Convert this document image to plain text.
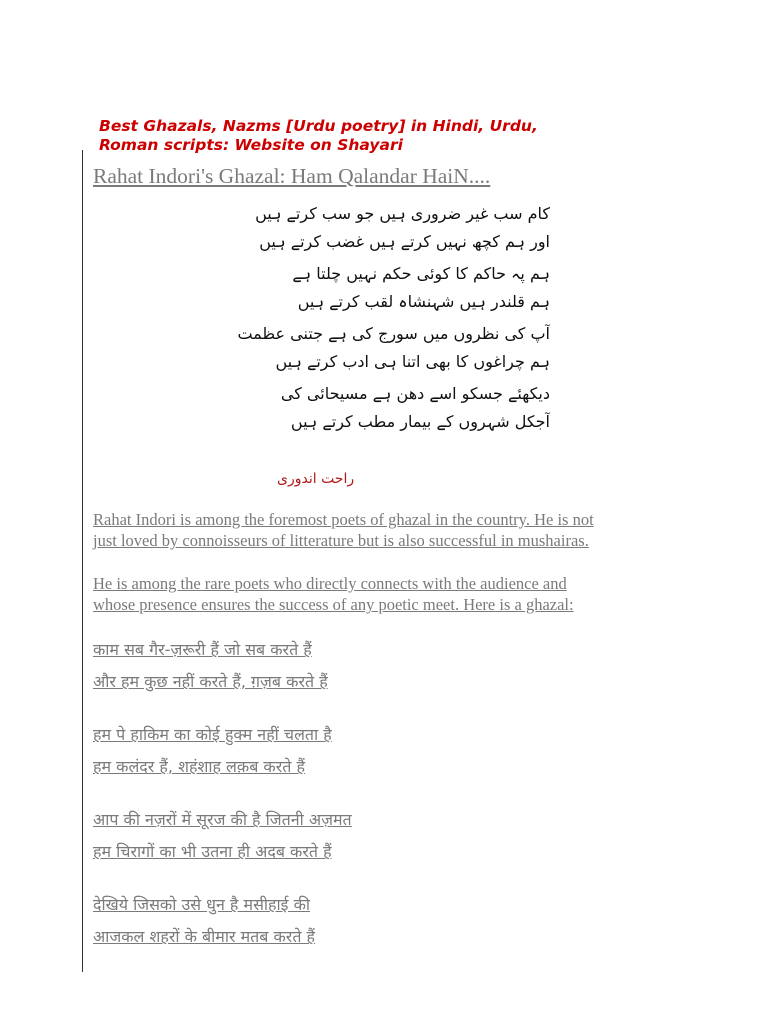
Best Ghazals, Nazms [Urdu poetry] in Hindi, Urdu,
Roman scripts: Website on Shayari
Rahat Indori's Ghazal: Ham Qalandar HaiN....
کام سب غیر ضروری ہیں جو سب کرتے ہیں
اور ہم کچھ نہیں کرتے ہیں غضب کرتے ہیں
ہم پہ حاکم کا کوئی حکم نہیں چلتا ہے
ہم قلندر ہیں شہنشاہ لقب کرتے ہیں
آپ کی نظروں میں سورج کی ہے جتنی عظمت
ہم چراغوں کا بھی اتنا ہی ادب کرتے ہیں
دیکھئے جسکو اسے دھن ہے مسیحائی کی
آجکل شہروں کے بیمار مطب کرتے ہیں
راحت اندوری
Rahat Indori is among the foremost poets of ghazal in the country. He is not
just loved by connoisseurs of litterature but is also successful in mushairas.
He is among the rare poets who directly connects with the audience and
whose presence ensures the success of any poetic meet. Here is a ghazal:
काम सब गैर-ज़रूरी हैं जो सब करते हैं
और हम कुछ नहीं करते हैं, ग़ज़ब करते हैं
हम पे हाकिम का कोई हुक्म नहीं चलता है
हम कलंदर हैं, शहंशाह लक़ब करते हैं
आप की नज़रों में सूरज की है जितनी अज़मत
हम चिरागों का भी उतना ही अदब करते हैं
देखिये जिसको उसे धुन है मसीहाई की
आजकल शहरों के बीमार मतब करते हैं
